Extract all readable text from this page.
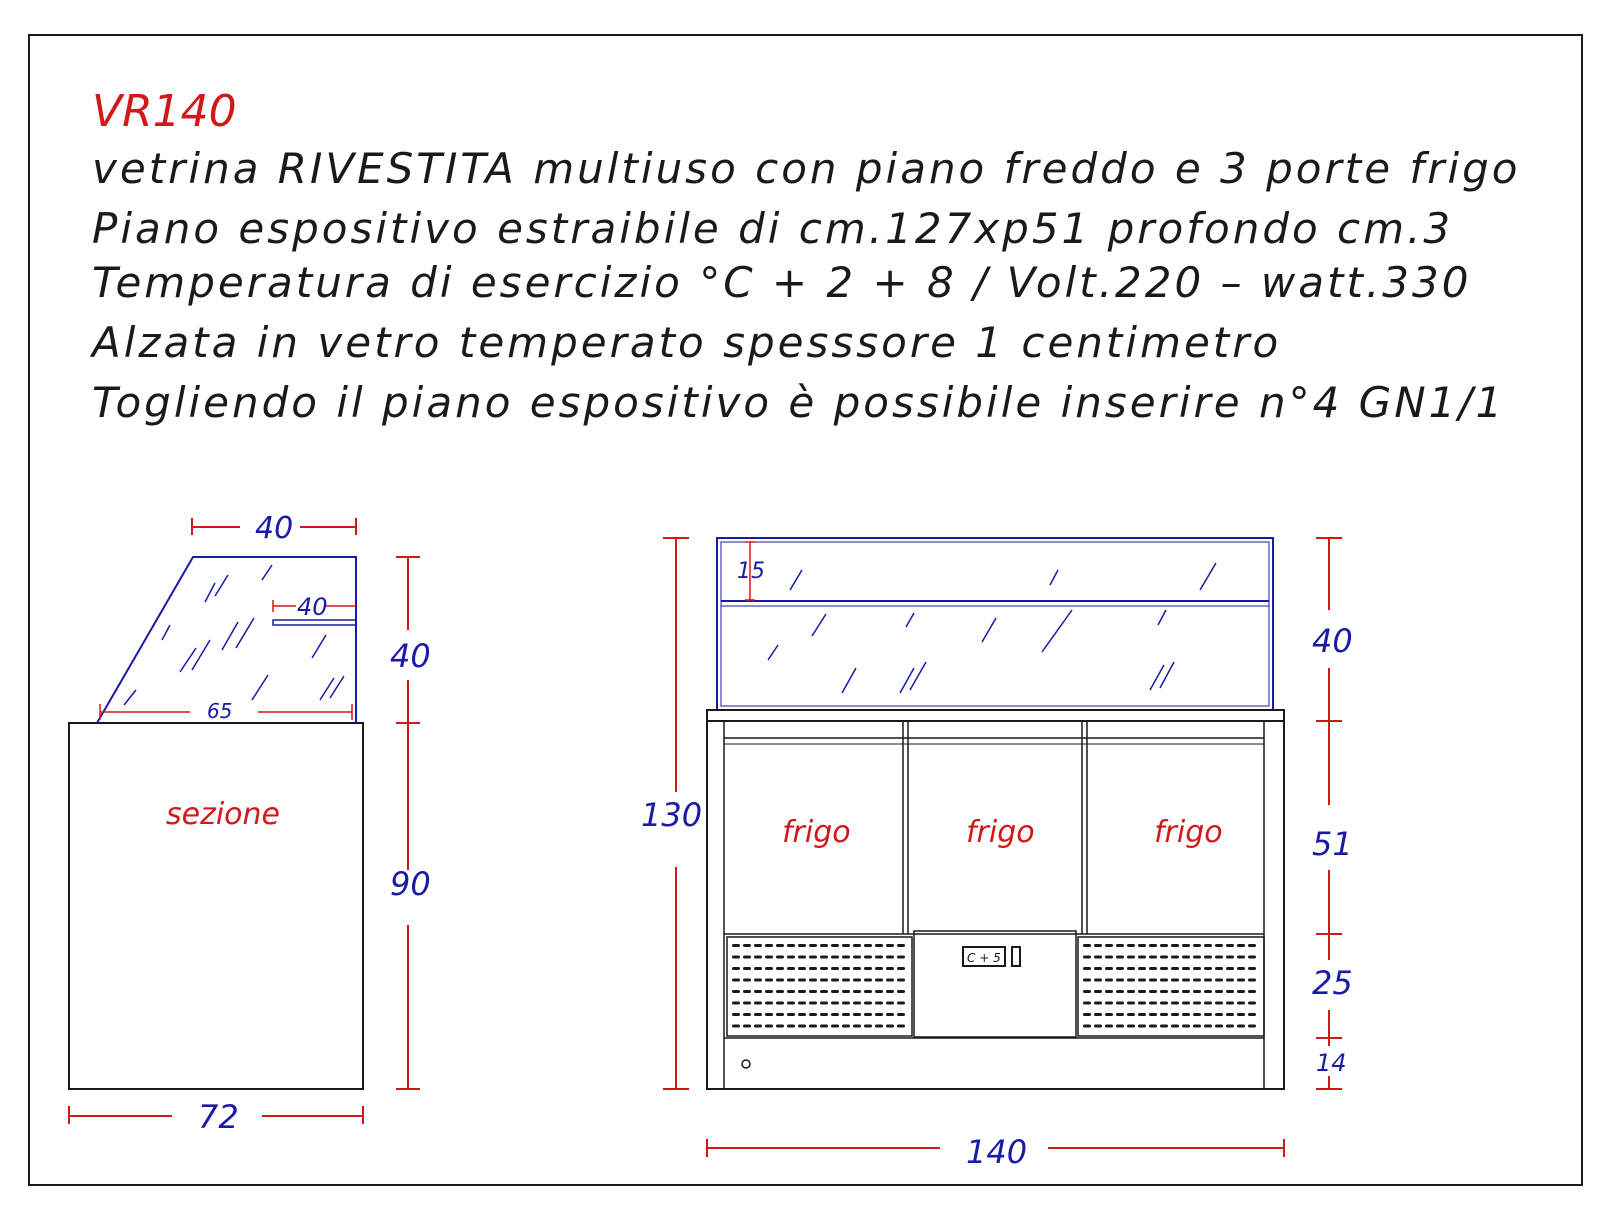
VR140
vetrina RIVESTITA multiuso con piano freddo e 3 porte frigo
Piano espositivo estraibile di cm.127xp51 profondo cm.3
Temperatura di esercizio °C + 2 + 8 / Volt.220 – watt.330
Alzata in vetro temperato spesssore 1 centimetro
Togliendo il piano espositivo è possibile inserire n°4 GN1/1
sezione
40
40
65
40
90
72
15
frigo	frigo	frigo
C + 5
130
40
51
25
14
140
